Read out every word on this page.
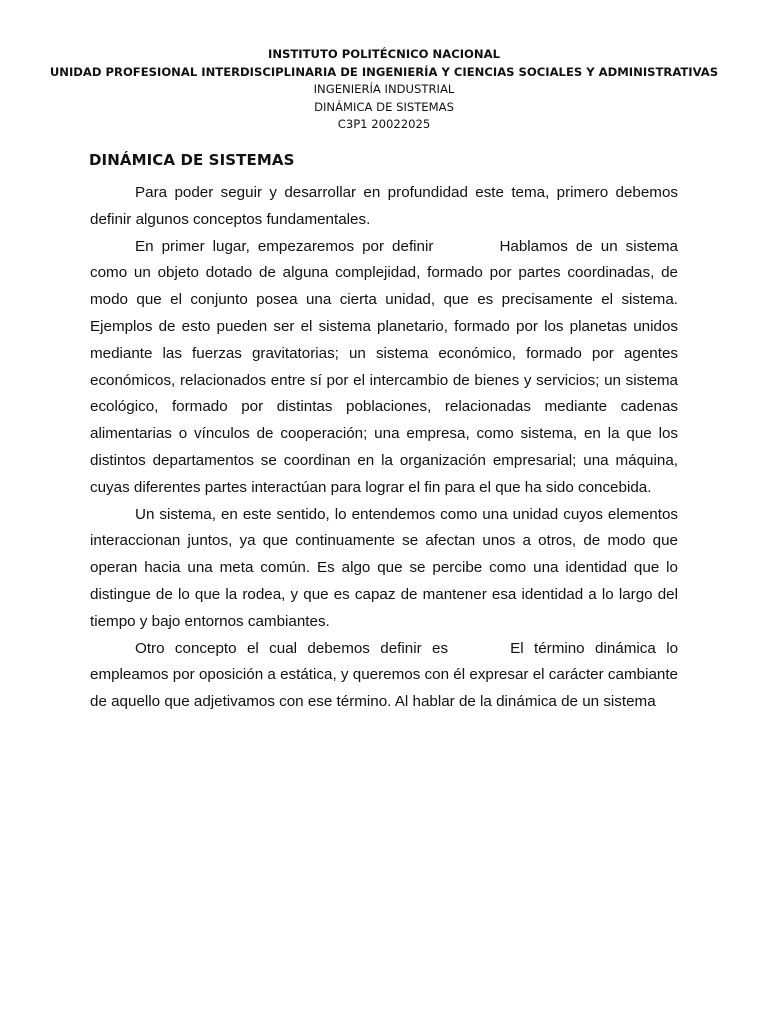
INSTITUTO POLITÉCNICO NACIONAL
UNIDAD PROFESIONAL INTERDISCIPLINARIA DE INGENIERÍA Y CIENCIAS SOCIALES Y ADMINISTRATIVAS
INGENIERÍA INDUSTRIAL
DINÁMICA DE SISTEMAS
C3P1 20022025
DINÁMICA DE SISTEMAS

Para poder seguir y desarrollar en profundidad este tema, primero debemos definir algunos conceptos fundamentales.

En primer lugar, empezaremos por definir	Hablamos de un sistema como un objeto dotado de alguna complejidad, formado por partes coordinadas, de modo que el conjunto posea una cierta unidad, que es precisamente el sistema. Ejemplos de esto pueden ser el sistema planetario, formado por los planetas unidos mediante las fuerzas gravitatorias; un sistema económico, formado por agentes económicos, relacionados entre sí por el intercambio de bienes y servicios; un sistema ecológico, formado por distintas poblaciones, relacionadas mediante cadenas alimentarias o vínculos de cooperación; una empresa, como sistema, en la que los distintos departamentos se coordinan en la organización empresarial; una máquina, cuyas diferentes partes interactúan para lograr el fin para el que ha sido concebida.

Un sistema, en este sentido, lo entendemos como una unidad cuyos elementos interaccionan juntos, ya que continuamente se afectan unos a otros, de modo que operan hacia una meta común. Es algo que se percibe como una identidad que lo distingue de lo que la rodea, y que es capaz de mantener esa identidad a lo largo del tiempo y bajo entornos cambiantes.

Otro concepto el cual debemos definir es	El término dinámica lo empleamos por oposición a estática, y queremos con él expresar el carácter cambiante de aquello que adjetivamos con ese término. Al hablar de la dinámica de un sistema
